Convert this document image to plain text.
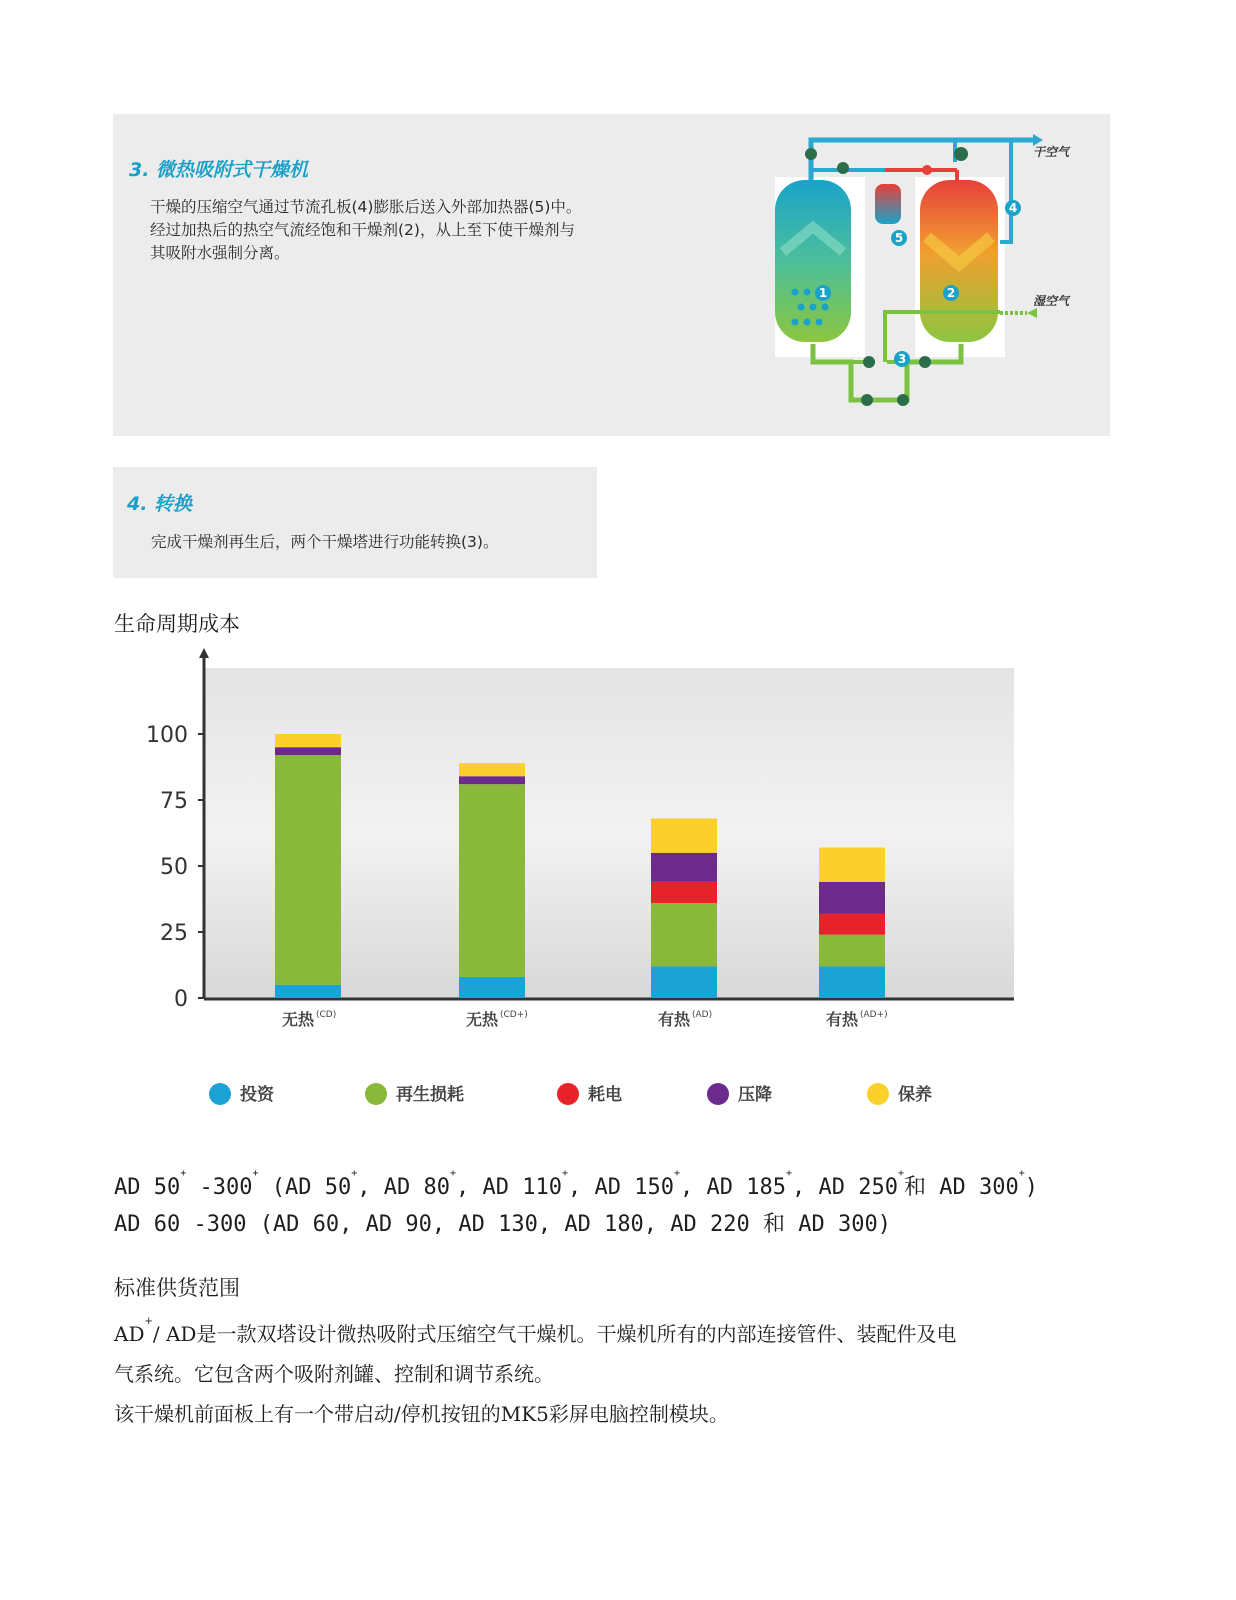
3. 微热吸附式干燥机
干燥的压缩空气通过节流孔板(4)膨胀后送入外部加热器(5)中。
经过加热后的热空气流经饱和干燥剂(2)，从上至下使干燥剂与
其吸附水强制分离。
1	2
3
4
5
干空气
湿空气
4. 转换
完成干燥剂再生后，两个干燥塔进行功能转换(3)。
生命周期成本
0
25
50
75
100
无热 (CD)	无热 (CD+)	有热 (AD)	有热 (AD+)
投资	再生损耗	耗电	压降	保养
AD 50+ -300+ (AD 50+, AD 80+, AD 110+, AD 150+, AD 185+, AD 250+和 AD 300+)
AD 60 -300 (AD 60, AD 90, AD 130, AD 180, AD 220 和 AD 300)
标准供货范围
AD+/ AD是一款双塔设计微热吸附式压缩空气干燥机。干燥机所有的内部连接管件、装配件及电
气系统。它包含两个吸附剂罐、控制和调节系统。
该干燥机前面板上有一个带启动/停机按钮的MK5彩屏电脑控制模块。
